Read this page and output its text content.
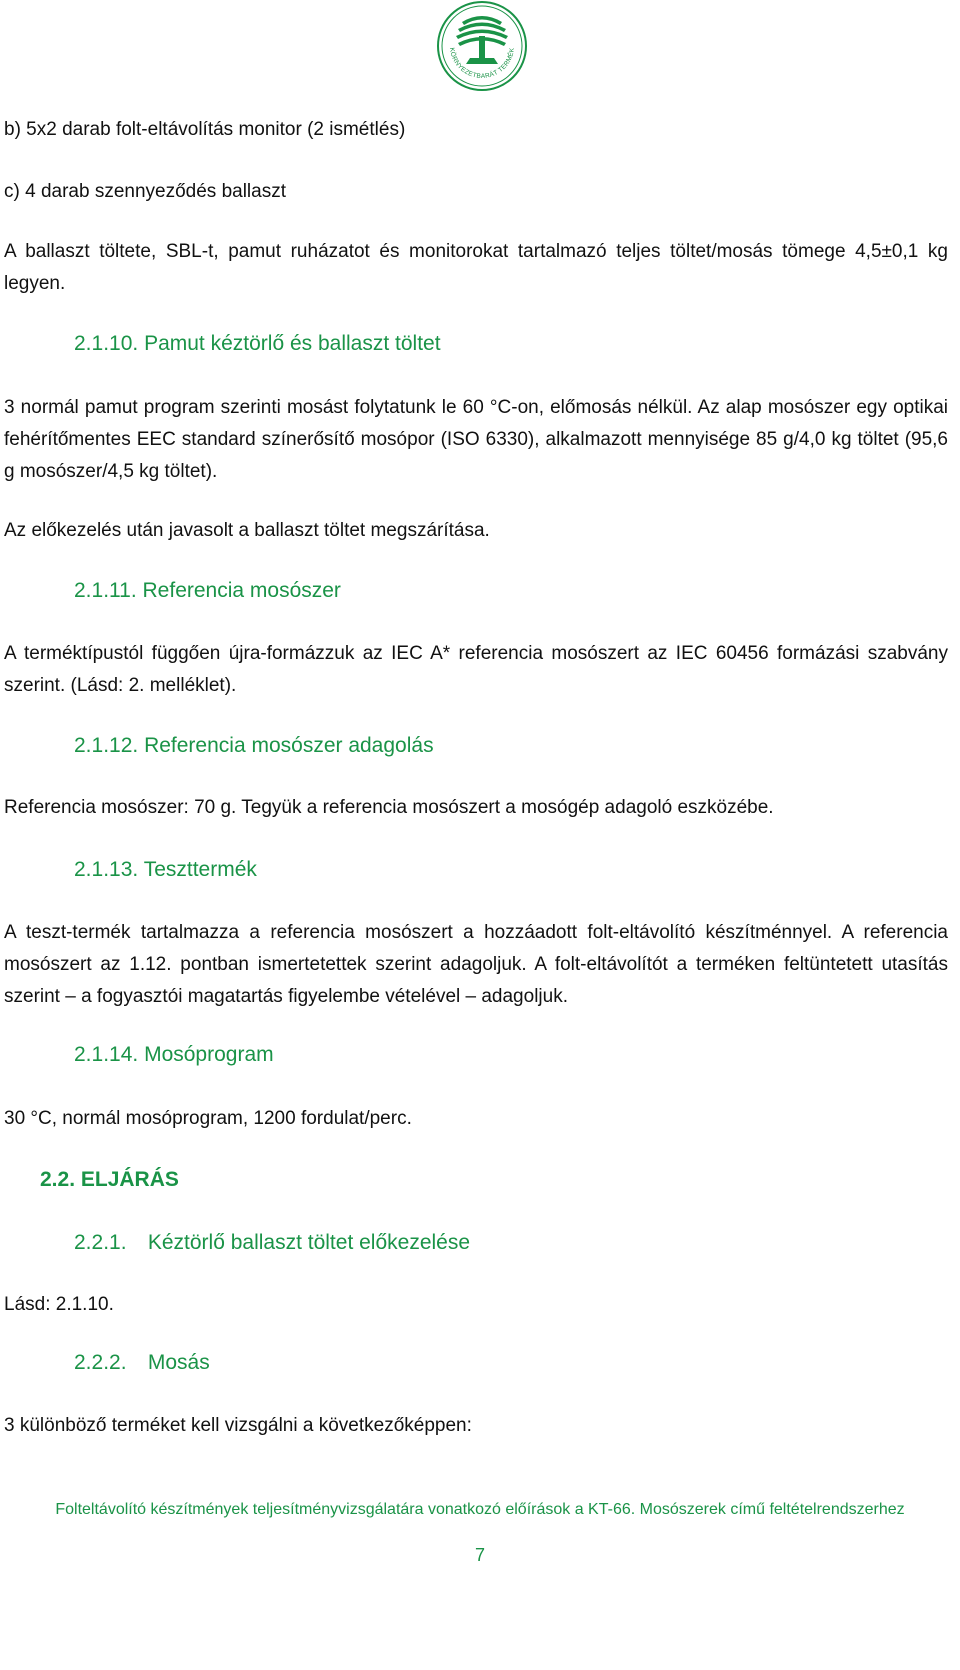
KÖRNYEZETBARÁT TERMÉK
b) 5x2 darab folt-eltávolítás monitor (2 ismétlés)
c) 4 darab szennyeződés ballaszt
A ballaszt töltete, SBL-t, pamut ruházatot és monitorokat tartalmazó teljes töltet/mosás tömege 4,5±0,1 kg legyen.
2.1.10. Pamut kéztörlő és ballaszt töltet
3 normál pamut program szerinti mosást folytatunk le 60 °C-on, előmosás nélkül. Az alap mosószer egy optikai fehérítőmentes EEC standard színerősítő mosópor (ISO 6330), alkalmazott mennyisége 85 g/4,0 kg töltet (95,6 g mosószer/4,5 kg töltet).
Az előkezelés után javasolt a ballaszt töltet megszárítása.
2.1.11. Referencia mosószer
A terméktípustól függően újra-formázzuk az IEC A* referencia mosószert az IEC 60456 formázási szabvány szerint. (Lásd: 2. melléklet).
2.1.12. Referencia mosószer adagolás
Referencia mosószer: 70 g. Tegyük a referencia mosószert a mosógép adagoló eszközébe.
2.1.13. Teszttermék
A teszt-termék tartalmazza a referencia mosószert a hozzáadott folt-eltávolító készítménnyel. A referencia mosószert az 1.12. pontban ismertetettek szerint adagoljuk. A folt-eltávolítót a terméken feltüntetett utasítás szerint – a fogyasztói magatartás figyelembe vételével – adagoljuk.
2.1.14. Mosóprogram
30 °C, normál mosóprogram, 1200 fordulat/perc.
2.2. ELJÁRÁS
2.2.1. Kéztörlő ballaszt töltet előkezelése
Lásd: 2.1.10.
2.2.2. Mosás
3 különböző terméket kell vizsgálni a következőképpen:
Folteltávolító készítmények teljesítményvizsgálatára vonatkozó előírások a KT-66. Mosószerek című feltételrendszerhez
7
